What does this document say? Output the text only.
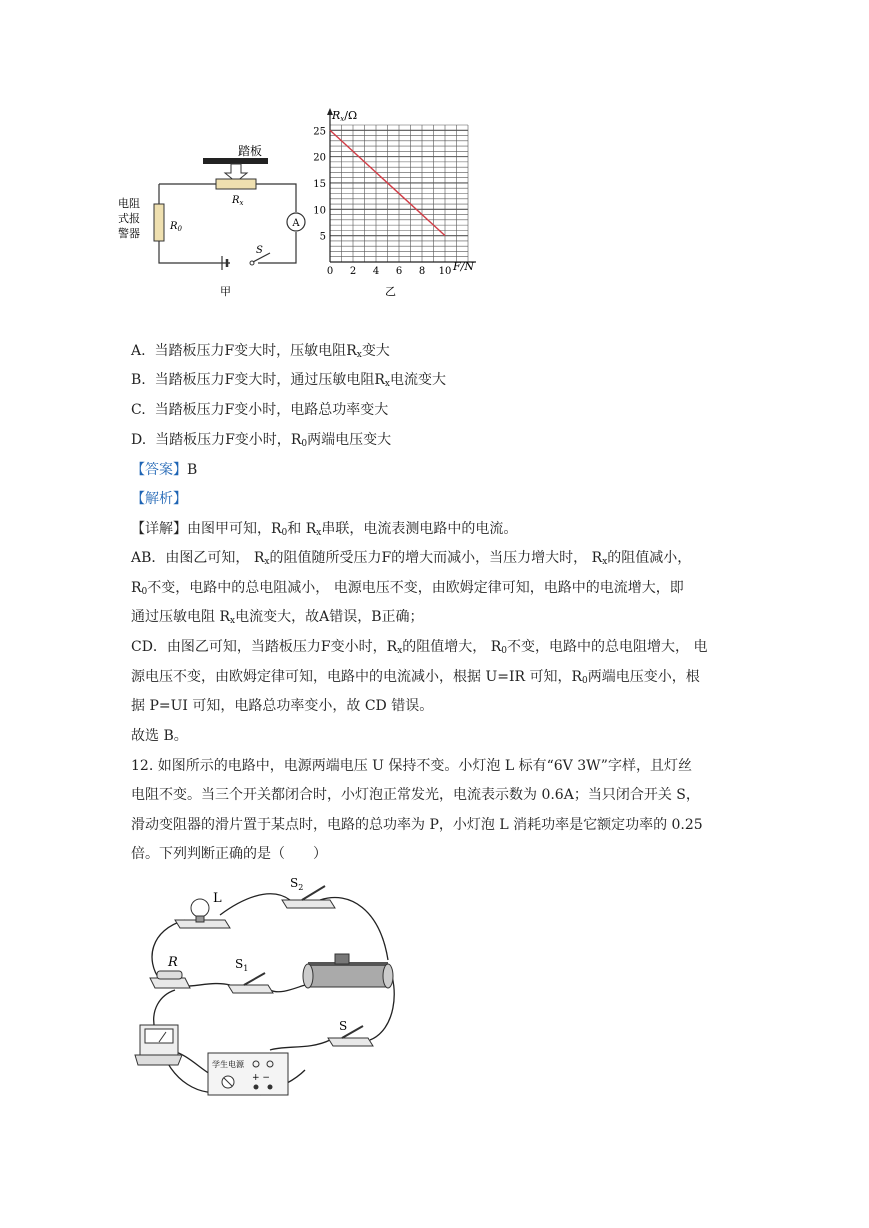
踏板
$R_x$
A
$R_0$
电阻
式报
警器
S
甲
0 2 4 6 8 10
5
10
15
20
25
Rx/Ω
F/N
乙
A. 当踏板压力F变大时，压敏电阻$R_x$变大
B. 当踏板压力F变大时，通过压敏电阻$R_x$电流变大
C. 当踏板压力F变小时，电路总功率变大
D. 当踏板压力F变小时，$R_0$两端电压变大
【答案】B
【解析】
【详解】由图甲可知，$R_0$和 $R_x$串联，电流表测电路中的电流。
AB．由图乙可知， $R_x$的阻值随所受压力F的增大而减小，当压力增大时， $R_x$的阻值减小，
$R_0$不变，电路中的总电阻减小， 电源电压不变，由欧姆定律可知，电路中的电流增大，即
通过压敏电阻 $R_x$电流变大，故A错误，B正确；
CD．由图乙可知，当踏板压力F变小时，$R_x$的阻值增大， $R_0$不变，电路中的总电阻增大， 电
源电压不变，由欧姆定律可知，电路中的电流减小，根据 U=IR 可知，$R_0$两端电压变小，根
据 P=UI 可知，电路总功率变小，故 CD 错误。
故选 B。
12. 如图所示的电路中，电源两端电压 U 保持不变。小灯泡 L 标有“6V 3W”字样，且灯丝
电阻不变。当三个开关都闭合时，小灯泡正常发光，电流表示数为 0.6A；当只闭合开关 S，
滑动变阻器的滑片置于某点时，电路的总功率为 P，小灯泡 L 消耗功率是它额定功率的 0.25
倍。下列判断正确的是（　　）
L
$S_2$
R	$S_1$
学生电源
+ −
S
